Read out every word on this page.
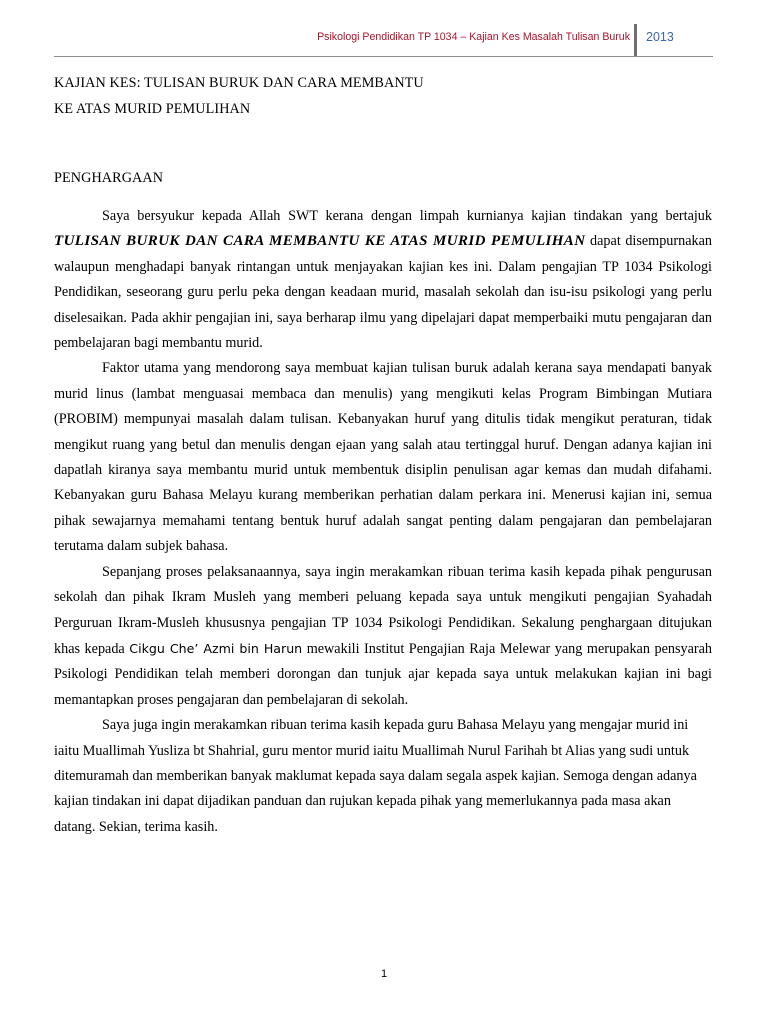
Psikologi Pendidikan TP 1034 – Kajian Kes Masalah Tulisan Buruk 2013
KAJIAN KES: TULISAN BURUK DAN CARA MEMBANTU
KE ATAS MURID PEMULIHAN
PENGHARGAAN

Saya bersyukur kepada Allah SWT kerana dengan limpah kurnianya kajian tindakan yang bertajuk TULISAN BURUK DAN CARA MEMBANTU KE ATAS MURID PEMULIHAN dapat disempurnakan walaupun menghadapi banyak rintangan untuk menjayakan kajian kes ini. Dalam pengajian TP 1034 Psikologi Pendidikan, seseorang guru perlu peka dengan keadaan murid, masalah sekolah dan isu-isu psikologi yang perlu diselesaikan. Pada akhir pengajian ini, saya berharap ilmu yang dipelajari dapat memperbaiki mutu pengajaran dan pembelajaran bagi membantu murid.

Faktor utama yang mendorong saya membuat kajian tulisan buruk adalah kerana saya mendapati banyak murid linus (lambat menguasai membaca dan menulis) yang mengikuti kelas Program Bimbingan Mutiara (PROBIM) mempunyai masalah dalam tulisan. Kebanyakan huruf yang ditulis tidak mengikut peraturan, tidak mengikut ruang yang betul dan menulis dengan ejaan yang salah atau tertinggal huruf. Dengan adanya kajian ini dapatlah kiranya saya membantu murid untuk membentuk disiplin penulisan agar kemas dan mudah difahami. Kebanyakan guru Bahasa Melayu kurang memberikan perhatian dalam perkara ini. Menerusi kajian ini, semua pihak sewajarnya memahami tentang bentuk huruf adalah sangat penting dalam pengajaran dan pembelajaran terutama dalam subjek bahasa.

Sepanjang proses pelaksanaannya, saya ingin merakamkan ribuan terima kasih kepada pihak pengurusan sekolah dan pihak Ikram Musleh yang memberi peluang kepada saya untuk mengikuti pengajian Syahadah Perguruan Ikram-Musleh khususnya pengajian TP 1034 Psikologi Pendidikan. Sekalung penghargaan ditujukan khas kepada Cikgu Che’ Azmi bin Harun mewakili Institut Pengajian Raja Melewar yang merupakan pensyarah Psikologi Pendidikan telah memberi dorongan dan tunjuk ajar kepada saya untuk melakukan kajian ini bagi memantapkan proses pengajaran dan pembelajaran di sekolah.

Saya juga ingin merakamkan ribuan terima kasih kepada guru Bahasa Melayu yang mengajar murid ini iaitu Muallimah Yusliza bt Shahrial, guru mentor murid iaitu Muallimah Nurul Farihah bt Alias yang sudi untuk ditemuramah dan memberikan banyak maklumat kepada saya dalam segala aspek kajian. Semoga dengan adanya kajian tindakan ini dapat dijadikan panduan dan rujukan kepada pihak yang memerlukannya pada masa akan datang. Sekian, terima kasih.

1
